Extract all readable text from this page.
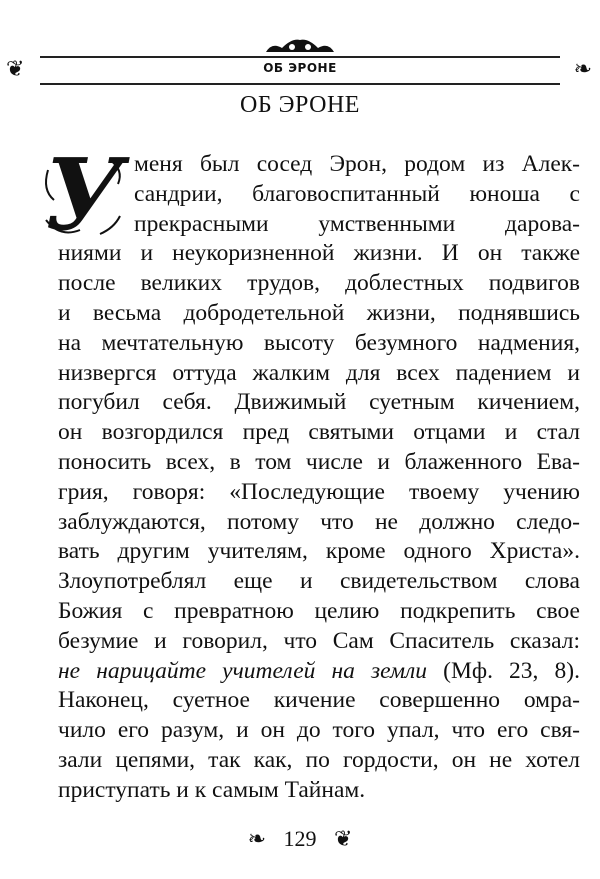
❦	❧
ОБ ЭРОНЕ
ОБ ЭРОНЕ
У меня был сосед Эрон, родом из Алек-
сандрии, благовоспитанный юноша с
прекрасными умственными дарова-
ниями и неукоризненной жизни. И он также
после великих трудов, доблестных подвигов
и весьма добродетельной жизни, поднявшись
на мечтательную высоту безумного надмения,
низвергся оттуда жалким для всех падением и
погубил себя. Движимый суетным кичением,
он возгордился пред святыми отцами и стал
поносить всех, в том числе и блаженного Ева-
грия, говоря: «Последующие твоему учению
заблуждаются, потому что не должно следо-
вать другим учителям, кроме одного Христа».
Злоупотреблял еще и свидетельством слова
Божия с превратною целию подкрепить свое
безумие и говорил, что Сам Спаситель сказал:
не нарицайте учителей на земли (Мф. 23, 8).
Наконец, суетное кичение совершенно омра-
чило его разум, и он до того упал, что его свя-
зали цепями, так как, по гордости, он не хотел
приступать и к самым Тайнам.
❧ 129 ❦
